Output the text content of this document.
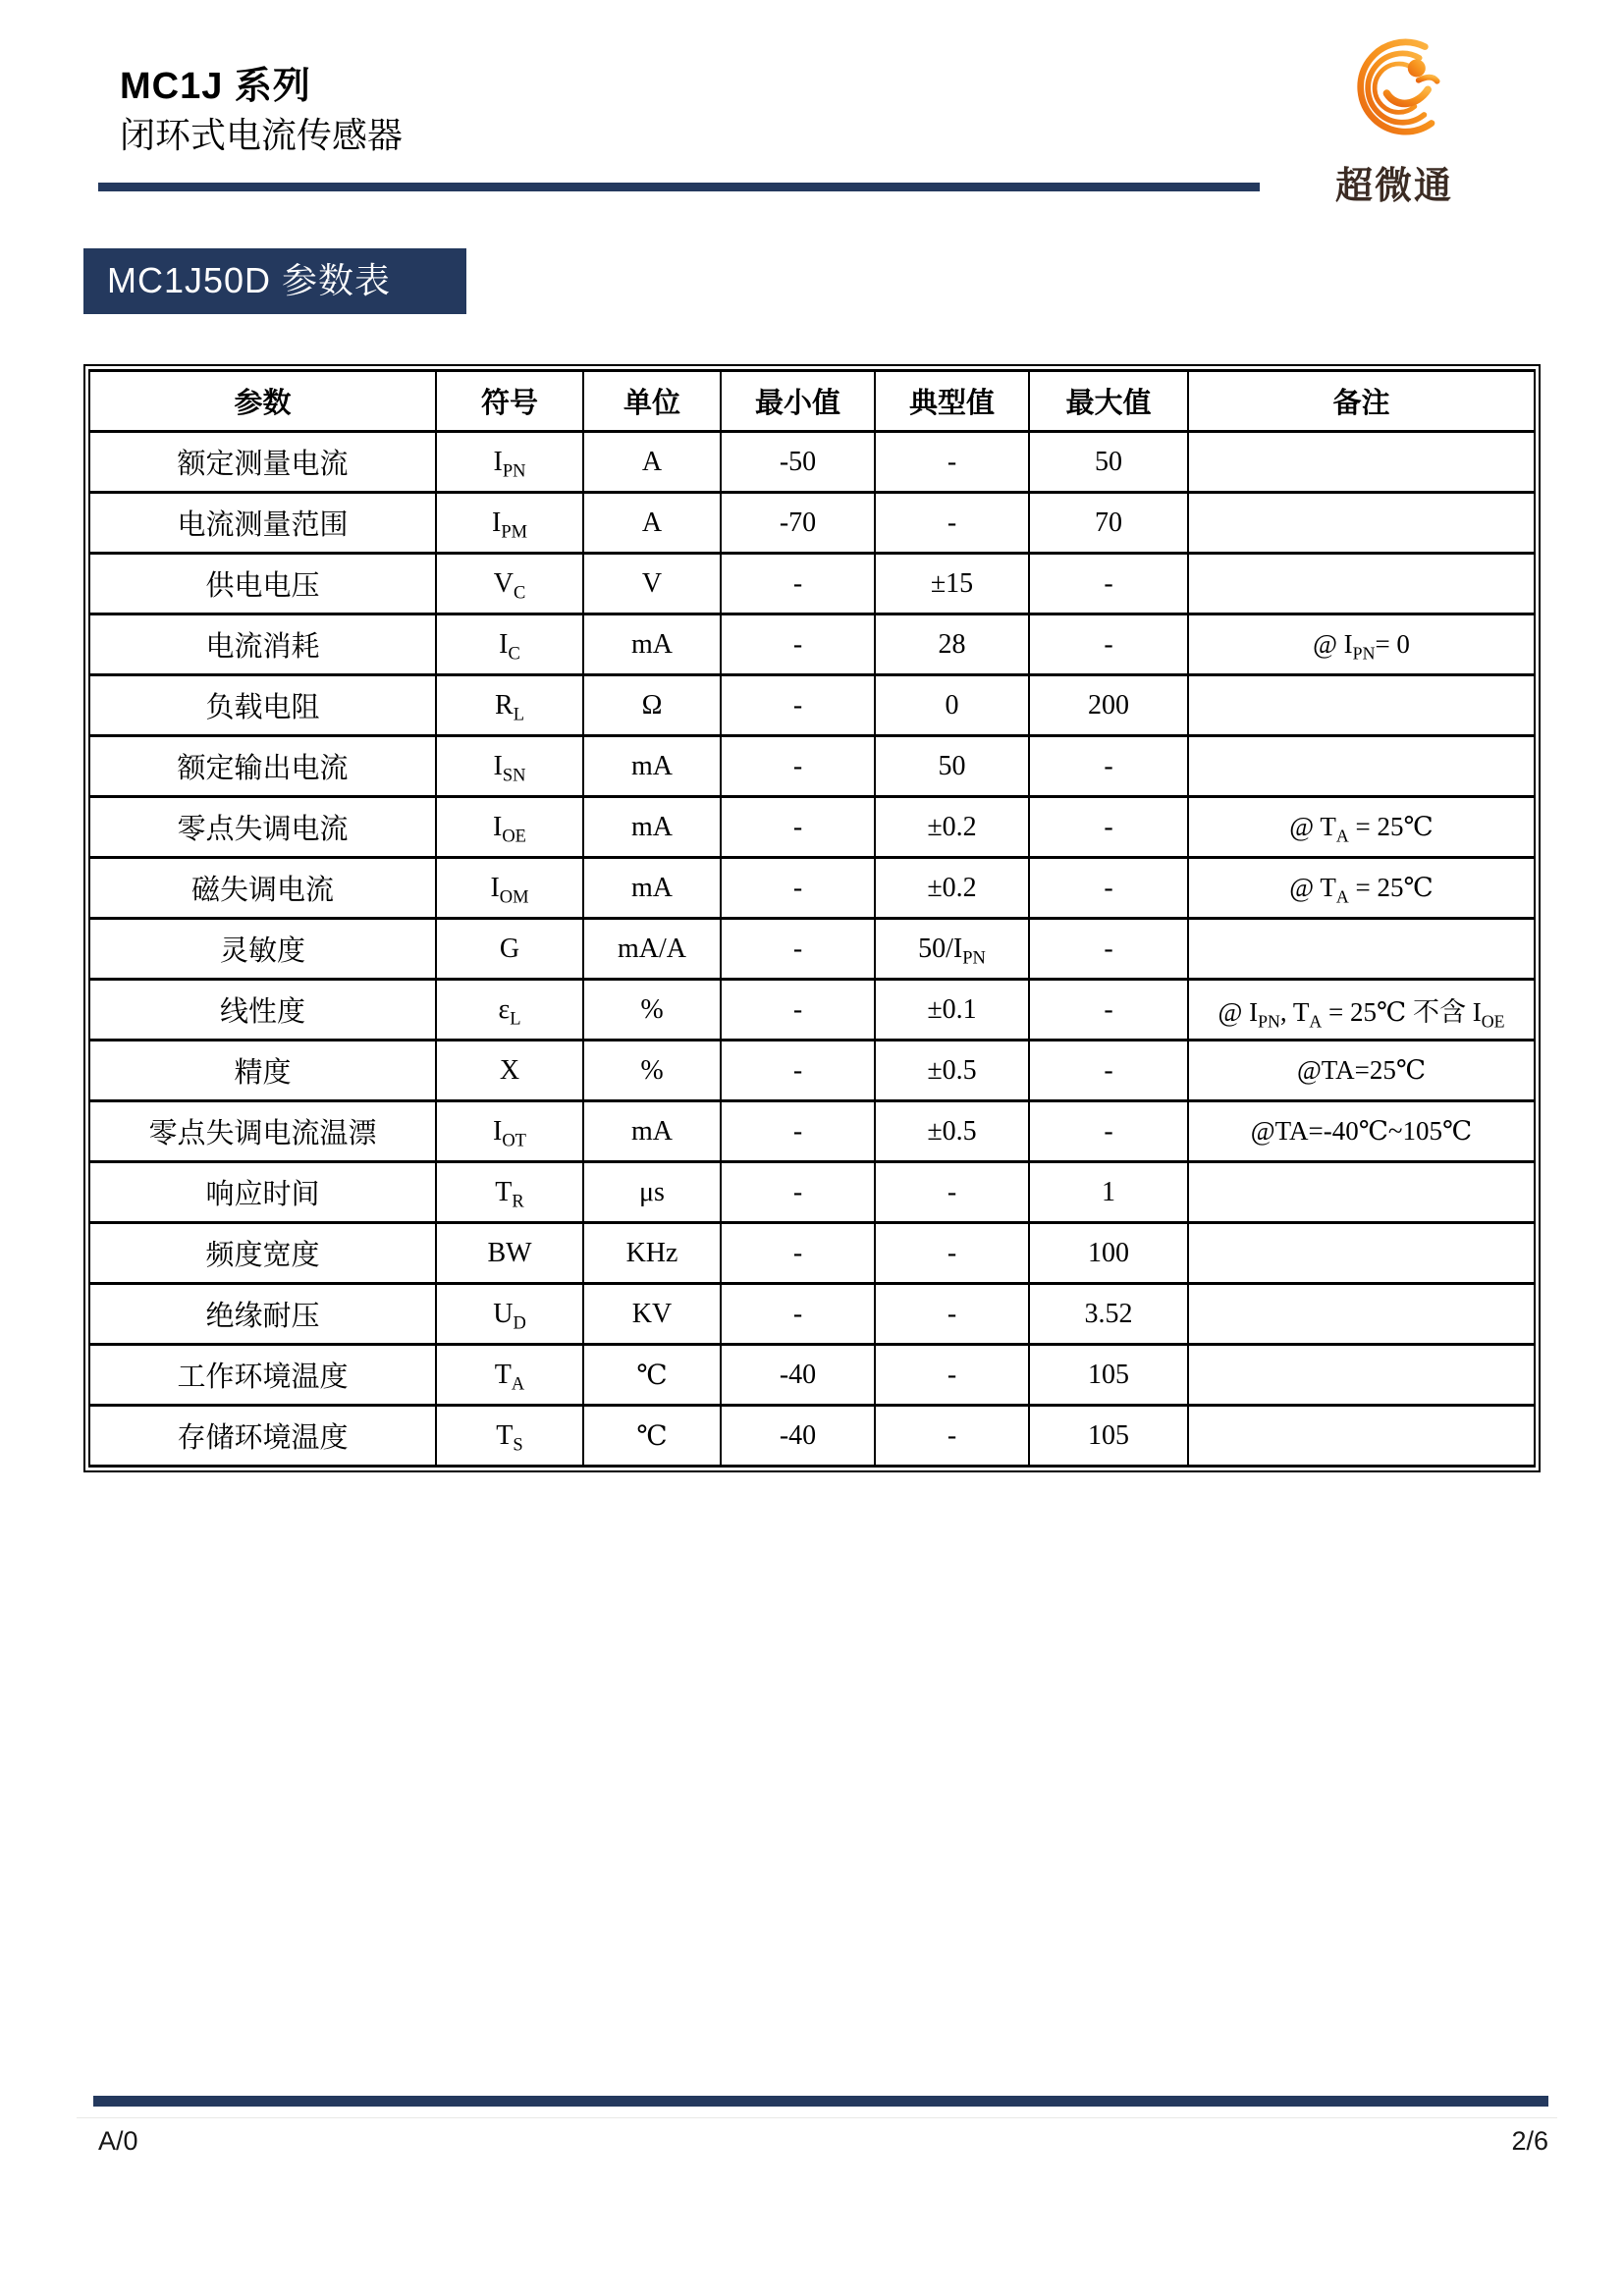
MC1J 系列
闭环式电流传感器
超微通
MC1J50D 参数表
参数	符号	单位	最小值	典型值	最大值	备注
额定测量电流	$I_{PN}$	A	-50	-	50	
电流测量范围	$I_{PM}$	A	-70	-	70	
供电电压	$V_C$	V	-	±15	-	
电流消耗	$I_C$	mA	-	28	-	@ $I_{PN}= 0$
负载电阻	$R_L$	Ω	-	0	200	
额定输出电流	$I_{SN}$	mA	-	50	-	
零点失调电流	$I_{OE}$	mA	-	±0.2	-	@ $T_A$ = 25℃
磁失调电流	$I_{OM}$	mA	-	±0.2	-	@ $T_A$ = 25℃
灵敏度	G	mA/A	-	$50/I_{PN}$	-	
线性度	$\varepsilon_L$	%	-	±0.1	-	@ $I_{PN}$, $T_A$ = 25℃ 不含 $I_{OE}$
精度	X	%	-	±0.5	-	@TA=25℃
零点失调电流温漂	$I_{OT}$	mA	-	±0.5	-	@TA=-40℃~105℃
响应时间	$T_R$	μs	-	-	1	
频度宽度	BW	KHz	-	-	100	
绝缘耐压	$U_D$	KV	-	-	3.52	
工作环境温度	$T_A$	℃	-40	-	105	
存储环境温度	$T_S$	℃	-40	-	105	
A/0	2/6
